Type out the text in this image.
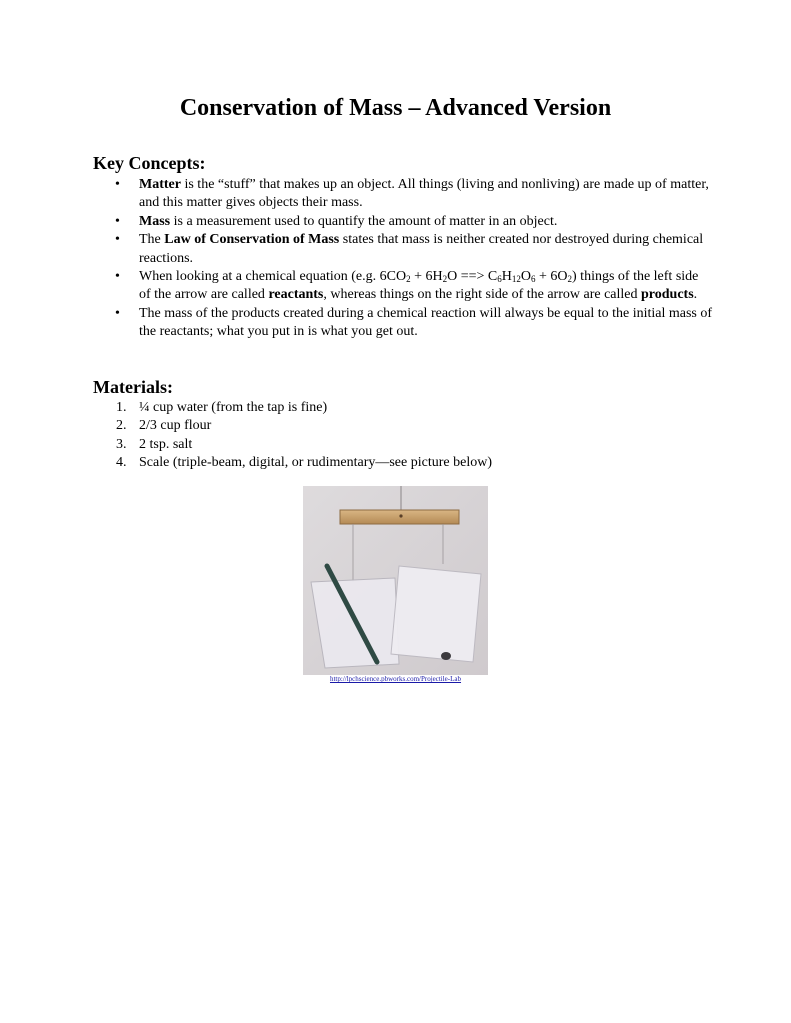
Conservation of Mass – Advanced Version
Key Concepts:
• Matter is the “stuff” that makes up an object. All things (living and nonliving) are made up of matter, and this matter gives objects their mass.
• Mass is a measurement used to quantify the amount of matter in an object.
• The Law of Conservation of Mass states that mass is neither created nor destroyed during chemical reactions.
• When looking at a chemical equation (e.g. $6CO_2 + 6H_2O$ ==> $C_6H_{12}O_6 + 6O_2$) things of the left side of the arrow are called reactants, whereas things on the right side of the arrow are called products.
• The mass of the products created during a chemical reaction will always be equal to the initial mass of the reactants; what you put in is what you get out.
Materials:
1. ¼ cup water (from the tap is fine)
2. 2/3 cup flour
3. 2 tsp. salt
4. Scale (triple-beam, digital, or rudimentary—see picture below)
http://lpchscience.pbworks.com/Projectile-Lab
